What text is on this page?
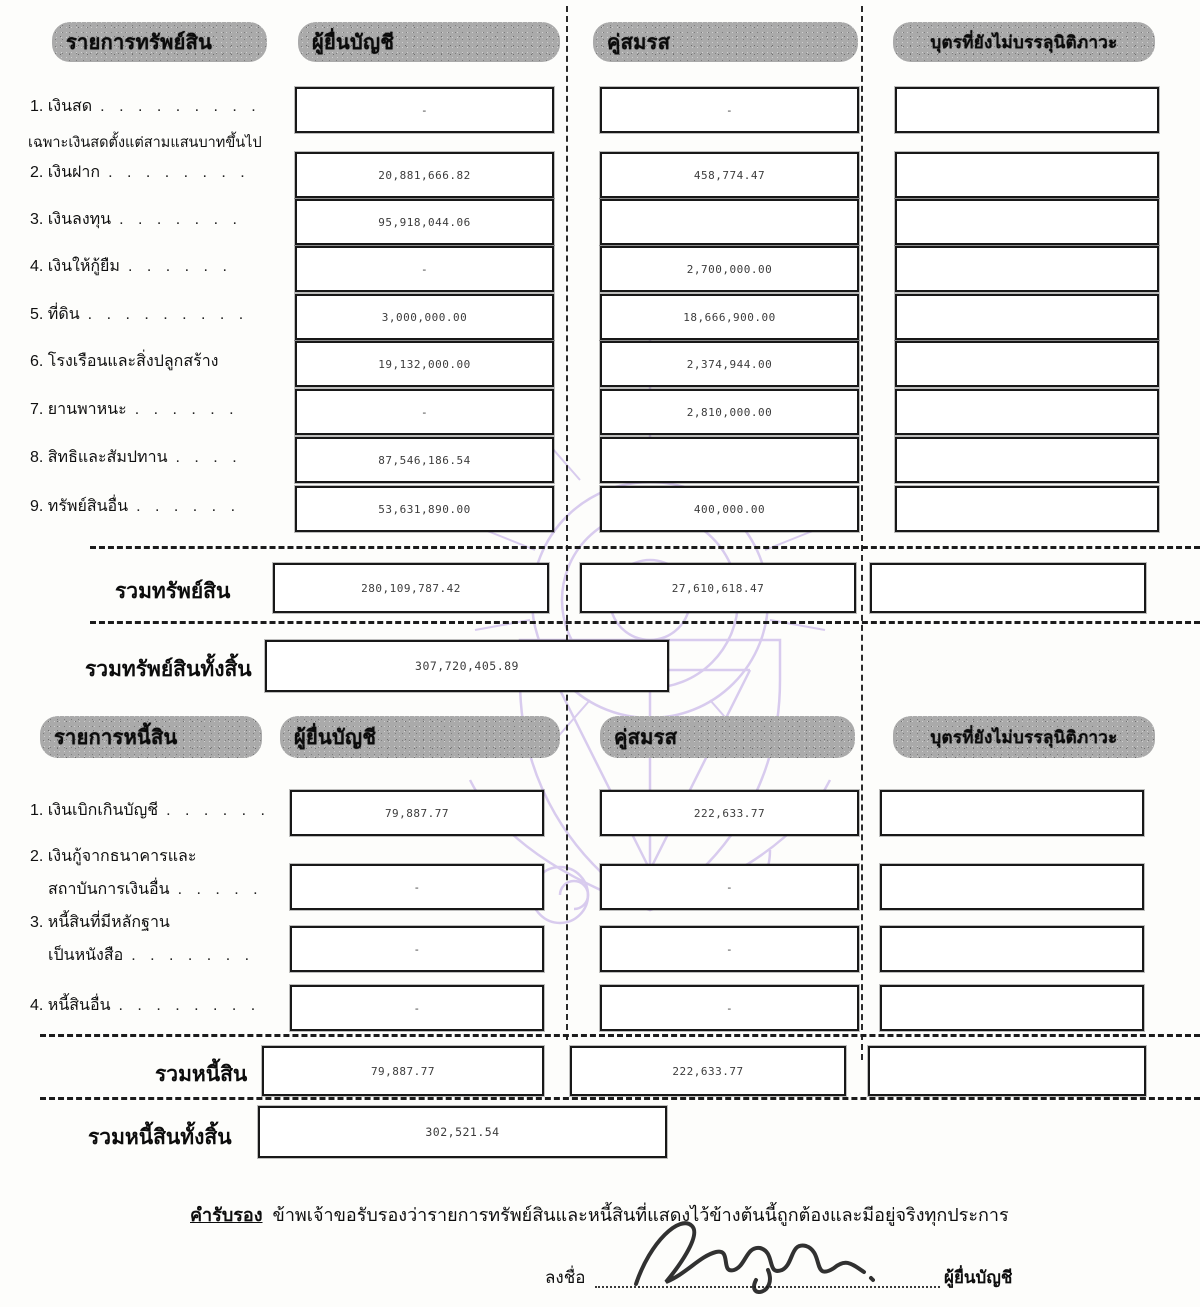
รายการทรัพย์สิน	ผู้ยื่นบัญชี	คู่สมรส	บุตรที่ยังไม่บรรลุนิติภาวะ
1. เงินสด . . . . . . . . .	-	-
เฉพาะเงินสดตั้งแต่สามแสนบาทขึ้นไป
2. เงินฝาก . . . . . . . .	20,881,666.82	458,774.47
3. เงินลงทุน . . . . . . .	95,918,044.06
4. เงินให้กู้ยืม . . . . . .	-	2,700,000.00
5. ที่ดิน . . . . . . . . .	3,000,000.00	18,666,900.00
6. โรงเรือนและสิ่งปลูกสร้าง	19,132,000.00	2,374,944.00
7. ยานพาหนะ . . . . . .	-	2,810,000.00
8. สิทธิและสัมปทาน . . . .	87,546,186.54
9. ทรัพย์สินอื่น . . . . . .	53,631,890.00	400,000.00
รวมทรัพย์สิน	280,109,787.42	27,610,618.47
รวมทรัพย์สินทั้งสิ้น	307,720,405.89
รายการหนี้สิน	ผู้ยื่นบัญชี	คู่สมรส	บุตรที่ยังไม่บรรลุนิติภาวะ
1. เงินเบิกเกินบัญชี . . . . . .	79,887.77	222,633.77
2. เงินกู้จากธนาคารและ
สถาบันการเงินอื่น . . . . .	-	-
3. หนี้สินที่มีหลักฐาน
เป็นหนังสือ . . . . . . .	-	-
4. หนี้สินอื่น . . . . . . . .	-	-
รวมหนี้สิน	79,887.77	222,633.77
รวมหนี้สินทั้งสิ้น	302,521.54
คำรับรอง ข้าพเจ้าขอรับรองว่ารายการทรัพย์สินและหนี้สินที่แสดงไว้ข้างต้นนี้ถูกต้องและมีอยู่จริงทุกประการ
ลงชื่อ	ผู้ยื่นบัญชี
